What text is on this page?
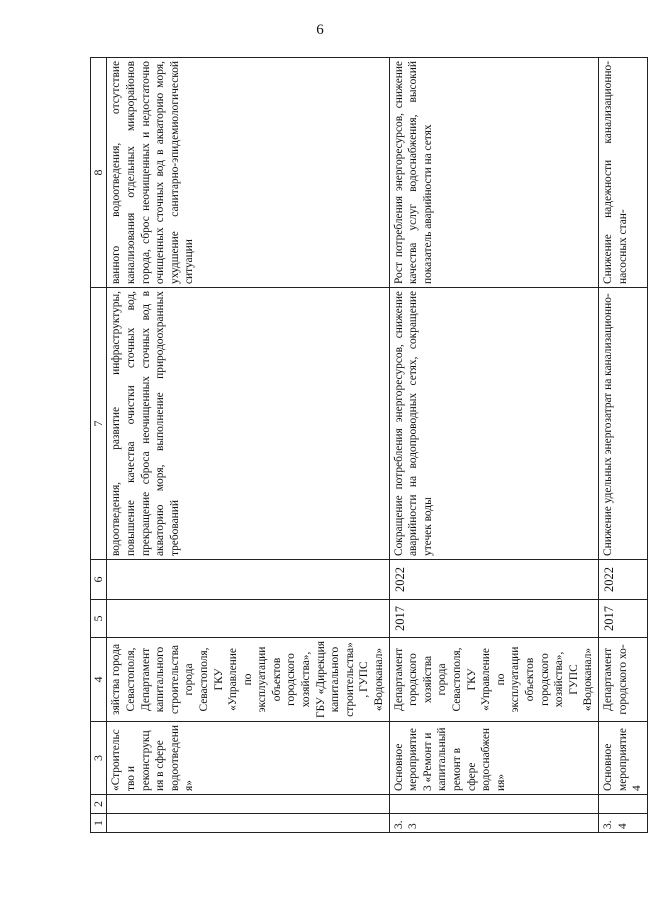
6
1	2	3	4	5	6	7	8
		«Строительство и реконструкция в сфере водоотведения»	зяйства города Севастополя, Департамент капитального строительства города Севастополя, ГКУ «Управление по эксплуатации объектов городского хозяйства», ГБУ «Дирекция капитального строительства», ГУПС «Водоканал»			водоотведения, развитие инфраструктуры, повышение качества очистки сточных вод, прекращение сброса неочищенных сточных вод в акваторию моря, выполнение природоохранных требований	ванного водоотведения, отсутствие канализования отдельных микрорайонов города, сброс неочищенных и недостаточно очищенных сточных вод в акваторию моря, ухудшение санитарно-эпидемиологической ситуации
3.3		Основное мероприятие 3 «Ремонт и капитальный ремонт в сфере водоснабжения»	Департамент городского хозяйства города Севастополя, ГКУ «Управление по эксплуатации объектов городского хозяйства», ГУПС «Водоканал»	2017	2022	Сокращение потребления энергоресурсов, снижение аварийности на водопроводных сетях, сокращение утечек воды	Рост потребления энергоресурсов, снижение качества услуг водоснабжения, высокий показатель аварийности на сетях
3.4		Основное мероприятие 4	Департамент городского хо-	2017	2022	Снижение удельных энергозатрат на канализационно-	Снижение надежности канализационно-насосных стан-
